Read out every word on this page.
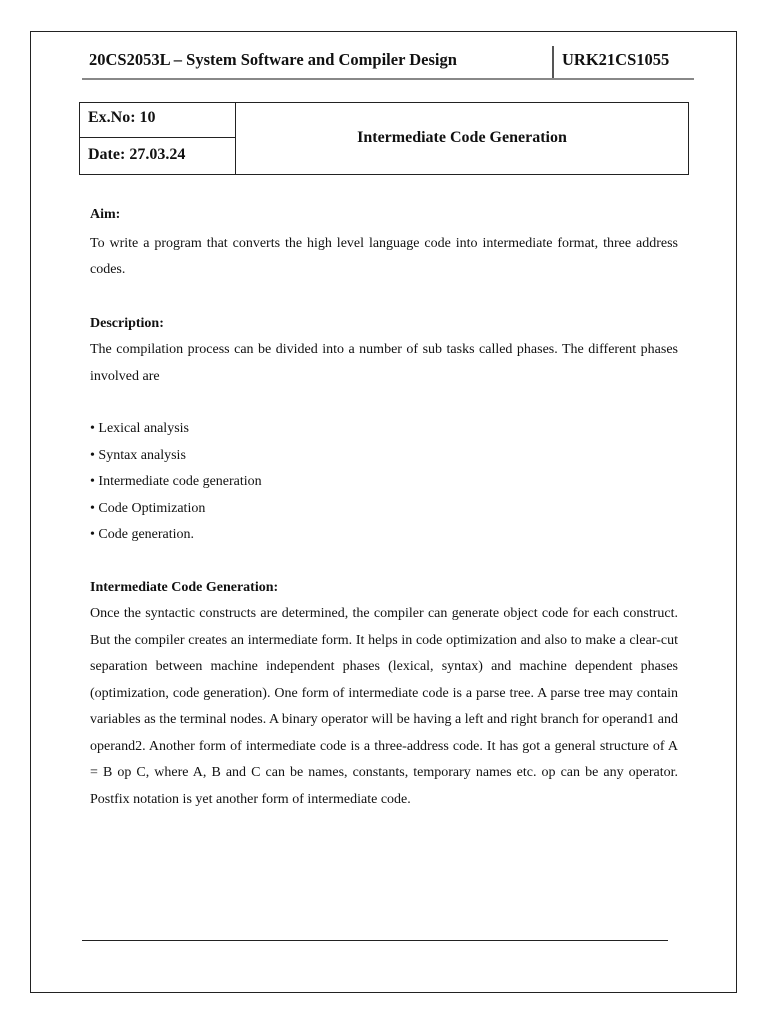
20CS2053L – System Software and Compiler Design	URK21CS1055
Ex.No: 10
Date: 27.03.24
Intermediate Code Generation
Aim:

To write a program that converts the high level language code into intermediate format, three address codes.

Description:

The compilation process can be divided into a number of sub tasks called phases. The different phases involved are

• Lexical analysis
• Syntax analysis
• Intermediate code generation
• Code Optimization
• Code generation.
Intermediate Code Generation:

Once the syntactic constructs are determined, the compiler can generate object code for each construct. But the compiler creates an intermediate form. It helps in code optimization and also to make a clear-cut separation between machine independent phases (lexical, syntax) and machine dependent phases (optimization, code generation). One form of intermediate code is a parse tree. A parse tree may contain variables as the terminal nodes. A binary operator will be having a left and right branch for operand1 and operand2. Another form of intermediate code is a three-address code. It has got a general structure of A = B op C, where A, B and C can be names, constants, temporary names etc. op can be any operator. Postfix notation is yet another form of intermediate code.
